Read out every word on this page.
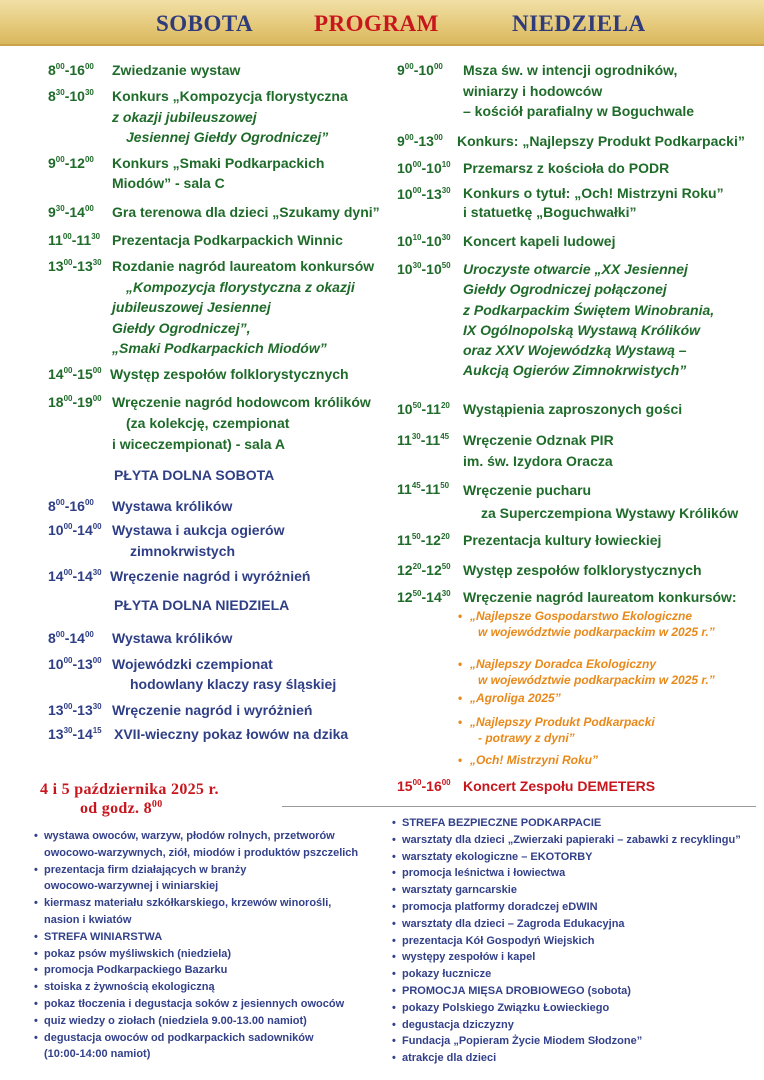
SOBOTA	PROGRAM	NIEDZIELA
$8^{00}-16^{00}$ Zwiedzanie wystaw
$8^{30}-10^{30}$ Konkurs „Kompozycja florystyczna
z okazji jubileuszowej
Jesiennej Giełdy Ogrodniczej”
$9^{00}-12^{00}$ Konkurs „Smaki Podkarpackich
Miodów” - sala C
$9^{30}-14^{00}$ Gra terenowa dla dzieci „Szukamy dyni”
$11^{00}-11^{30}$ Prezentacja Podkarpackich Winnic
$13^{00}-13^{30}$ Rozdanie nagród laureatom konkursów
„Kompozycja florystyczna z okazji
jubileuszowej Jesiennej
Giełdy Ogrodniczej”,
„Smaki Podkarpackich Miodów”
$14^{00}-15^{00}$ Występ zespołów folklorystycznych
$18^{00}-19^{00}$ Wręczenie nagród hodowcom królików
(za kolekcję, czempionat
i wiceczempionat) - sala A
$8^{00}-16^{00}$ Wystawa królików
$10^{00}-14^{00}$ Wystawa i aukcja ogierów
zimnokrwistych
$14^{00}-14^{30}$ Wręczenie nagród i wyróżnień
$8^{00}-14^{00}$ Wystawa królików
$10^{00}-13^{00}$ Wojewódzki czempionat
hodowlany klaczy rasy śląskiej
$13^{00}-13^{30}$ Wręczenie nagród i wyróżnień
$13^{30}-14^{15}$ XVII-wieczny pokaz łowów na dzika
$9^{00}-10^{00}$ Msza św. w intencji ogrodników,
winiarzy i hodowców
– kościół parafialny w Boguchwale
$9^{00}-13^{00}$ Konkurs: „Najlepszy Produkt Podkarpacki”
$10^{00}-10^{10}$ Przemarsz z kościoła do PODR
$10^{00}-13^{30}$ Konkurs o tytuł: „Och! Mistrzyni Roku”
i statuetkę „Boguchwałki”
$10^{10}-10^{30}$ Koncert kapeli ludowej
$10^{30}-10^{50}$ Uroczyste otwarcie „XX Jesiennej
Giełdy Ogrodniczej połączonej
z Podkarpackim Świętem Winobrania,
IX Ogólnopolską Wystawą Królików
oraz XXV Wojewódzką Wystawą –
Aukcją Ogierów Zimnokrwistych”
$10^{50}-11^{20}$ Wystąpienia zaproszonych gości
$11^{30}-11^{45}$ Wręczenie Odznak PIR
im. św. Izydora Oracza
$11^{45}-11^{50}$ Wręczenie pucharu
za Superczempiona Wystawy Królików
$11^{50}-12^{20}$ Prezentacja kultury łowieckiej
$12^{20}-12^{50}$ Występ zespołów folklorystycznych
$12^{50}-14^{30}$ Wręczenie nagród laureatom konkursów:
$15^{00}-16^{00}$ Koncert Zespołu DEMETERS
• „Najlepsze Gospodarstwo Ekologiczne
w województwie podkarpackim w 2025 r.”
• „Najlepszy Doradca Ekologiczny
w województwie podkarpackim w 2025 r.”
• „Agroliga 2025”
• „Najlepszy Produkt Podkarpacki
- potrawy z dyni”
• „Och! Mistrzyni Roku”
PŁYTA DOLNA SOBOTA
PŁYTA DOLNA NIEDZIELA
4 i 5 października 2025 r.
od godz. $8^{00}$
• wystawa owoców, warzyw, płodów rolnych, przetworów
owocowo-warzywnych, ziół, miodów i produktów pszczelich
• prezentacja firm działających w branży
owocowo-warzywnej i winiarskiej
• kiermasz materiału szkółkarskiego, krzewów winorośli,
nasion i kwiatów
• STREFA WINIARSTWA
• pokaz psów myśliwskich (niedziela)
• promocja Podkarpackiego Bazarku
• stoiska z żywnością ekologiczną
• pokaz tłoczenia i degustacja soków z jesiennych owoców
• quiz wiedzy o ziołach (niedziela 9.00-13.00 namiot)
• degustacja owoców od podkarpackich sadowników
(10:00-14:00 namiot)
• STREFA BEZPIECZNE PODKARPACIE
• warsztaty dla dzieci „Zwierzaki papieraki – zabawki z recyklingu”
• warsztaty ekologiczne – EKOTORBY
• promocja leśnictwa i łowiectwa
• warsztaty garncarskie
• promocja platformy doradczej eDWIN
• warsztaty dla dzieci – Zagroda Edukacyjna
• prezentacja Kół Gospodyń Wiejskich
• występy zespołów i kapel
• pokazy łucznicze
• PROMOCJA MIĘSA DROBIOWEGO (sobota)
• pokazy Polskiego Związku Łowieckiego
• degustacja dziczyzny
• Fundacja „Popieram Życie Miodem Słodzone”
• atrakcje dla dzieci
